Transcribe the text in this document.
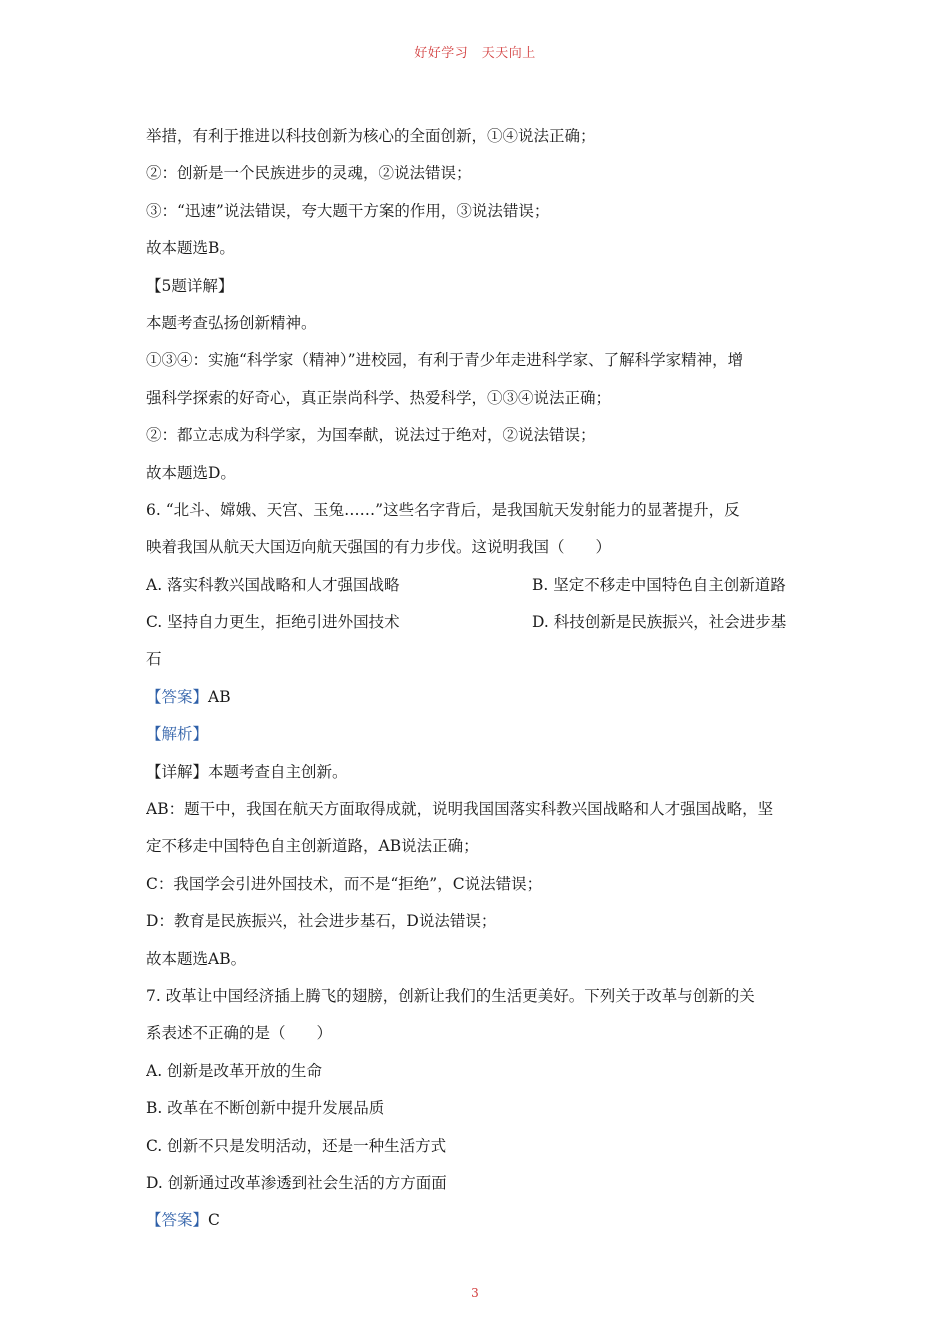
好好学习　天天向上
举措，有利于推进以科技创新为核心的全面创新，①④说法正确；
②：创新是一个民族进步的灵魂，②说法错误；
③：“迅速”说法错误，夸大题干方案的作用，③说法错误；
故本题选B。
【5题详解】
本题考查弘扬创新精神。
①③④：实施“科学家（精神）”进校园，有利于青少年走进科学家、了解科学家精神，增
强科学探索的好奇心，真正崇尚科学、热爱科学，①③④说法正确；
②：都立志成为科学家，为国奉献，说法过于绝对，②说法错误；
故本题选D。
6. “北斗、嫦娥、天宫、玉兔……”这些名字背后，是我国航天发射能力的显著提升，反
映着我国从航天大国迈向航天强国的有力步伐。这说明我国（　　）
A. 落实科教兴国战略和人才强国战略	B. 坚定不移走中国特色自主创新道路
C. 坚持自力更生，拒绝引进外国技术	D. 科技创新是民族振兴，社会进步基
石
【答案】AB
【解析】
【详解】本题考查自主创新。
AB：题干中，我国在航天方面取得成就，说明我国国落实科教兴国战略和人才强国战略，坚
定不移走中国特色自主创新道路，AB说法正确；
C：我国学会引进外国技术，而不是“拒绝”，C说法错误；
D：教育是民族振兴，社会进步基石，D说法错误；
故本题选AB。
7. 改革让中国经济插上腾飞的翅膀，创新让我们的生活更美好。下列关于改革与创新的关
系表述不正确的是（　　）
A. 创新是改革开放的生命
B. 改革在不断创新中提升发展品质
C. 创新不只是发明活动，还是一种生活方式
D. 创新通过改革渗透到社会生活的方方面面
【答案】C
3
